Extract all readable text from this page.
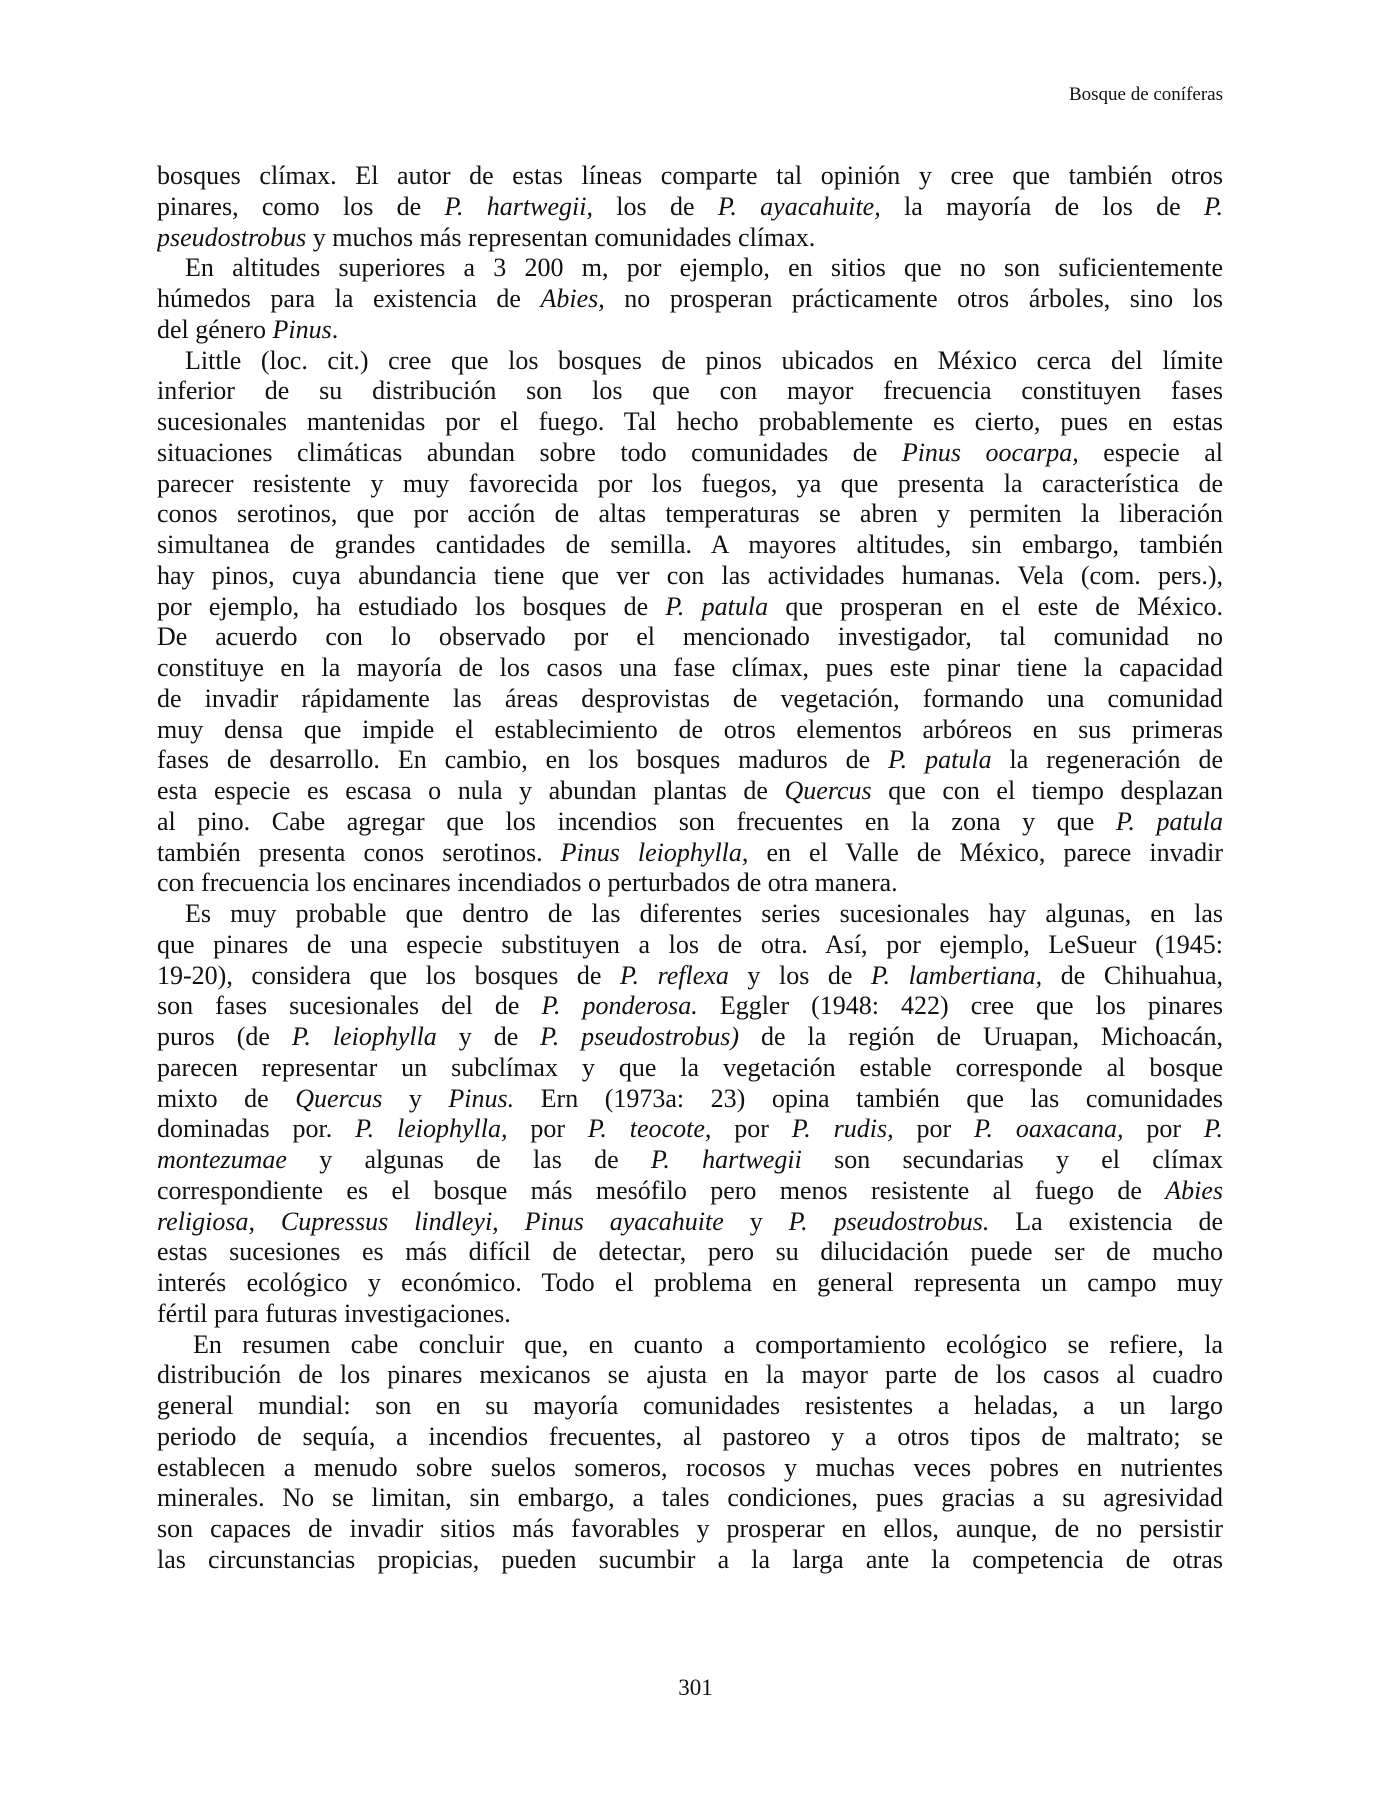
Bosque de coníferas
bosques clímax. El autor de estas líneas comparte tal opinión y cree que también otros
pinares, como los de P. hartwegii, los de P. ayacahuite, la mayoría de los de P.
pseudostrobus y muchos más representan comunidades clímax.
En altitudes superiores a 3 200 m, por ejemplo, en sitios que no son suficientemente
húmedos para la existencia de Abies, no prosperan prácticamente otros árboles, sino los
del género Pinus.
Little (loc. cit.) cree que los bosques de pinos ubicados en México cerca del límite
inferior de su distribución son los que con mayor frecuencia constituyen fases
sucesionales mantenidas por el fuego. Tal hecho probablemente es cierto, pues en estas
situaciones climáticas abundan sobre todo comunidades de Pinus oocarpa, especie al
parecer resistente y muy favorecida por los fuegos, ya que presenta la característica de
conos serotinos, que por acción de altas temperaturas se abren y permiten la liberación
simultanea de grandes cantidades de semilla. A mayores altitudes, sin embargo, también
hay pinos, cuya abundancia tiene que ver con las actividades humanas. Vela (com. pers.),
por ejemplo, ha estudiado los bosques de P. patula que prosperan en el este de México.
De acuerdo con lo observado por el mencionado investigador, tal comunidad no
constituye en la mayoría de los casos una fase clímax, pues este pinar tiene la capacidad
de invadir rápidamente las áreas desprovistas de vegetación, formando una comunidad
muy densa que impide el establecimiento de otros elementos arbóreos en sus primeras
fases de desarrollo. En cambio, en los bosques maduros de P. patula la regeneración de
esta especie es escasa o nula y abundan plantas de Quercus que con el tiempo desplazan
al pino. Cabe agregar que los incendios son frecuentes en la zona y que P. patula
también presenta conos serotinos. Pinus leiophylla, en el Valle de México, parece invadir
con frecuencia los encinares incendiados o perturbados de otra manera.
Es muy probable que dentro de las diferentes series sucesionales hay algunas, en las
que pinares de una especie substituyen a los de otra. Así, por ejemplo, LeSueur (1945:
19-20), considera que los bosques de P. reflexa y los de P. lambertiana, de Chihuahua,
son fases sucesionales del de P. ponderosa. Eggler (1948: 422) cree que los pinares
puros (de P. leiophylla y de P. pseudostrobus) de la región de Uruapan, Michoacán,
parecen representar un subclímax y que la vegetación estable corresponde al bosque
mixto de Quercus y Pinus. Ern (1973a: 23) opina también que las comunidades
dominadas por. P. leiophylla, por P. teocote, por P. rudis, por P. oaxacana, por P.
montezumae y algunas de las de P. hartwegii son secundarias y el clímax
correspondiente es el bosque más mesófilo pero menos resistente al fuego de Abies
religiosa, Cupressus lindleyi, Pinus ayacahuite y P. pseudostrobus. La existencia de
estas sucesiones es más difícil de detectar, pero su dilucidación puede ser de mucho
interés ecológico y económico. Todo el problema en general representa un campo muy
fértil para futuras investigaciones.
En resumen cabe concluir que, en cuanto a comportamiento ecológico se refiere, la
distribución de los pinares mexicanos se ajusta en la mayor parte de los casos al cuadro
general mundial: son en su mayoría comunidades resistentes a heladas, a un largo
periodo de sequía, a incendios frecuentes, al pastoreo y a otros tipos de maltrato; se
establecen a menudo sobre suelos someros, rocosos y muchas veces pobres en nutrientes
minerales. No se limitan, sin embargo, a tales condiciones, pues gracias a su agresividad
son capaces de invadir sitios más favorables y prosperar en ellos, aunque, de no persistir
las circunstancias propicias, pueden sucumbir a la larga ante la competencia de otras
301
